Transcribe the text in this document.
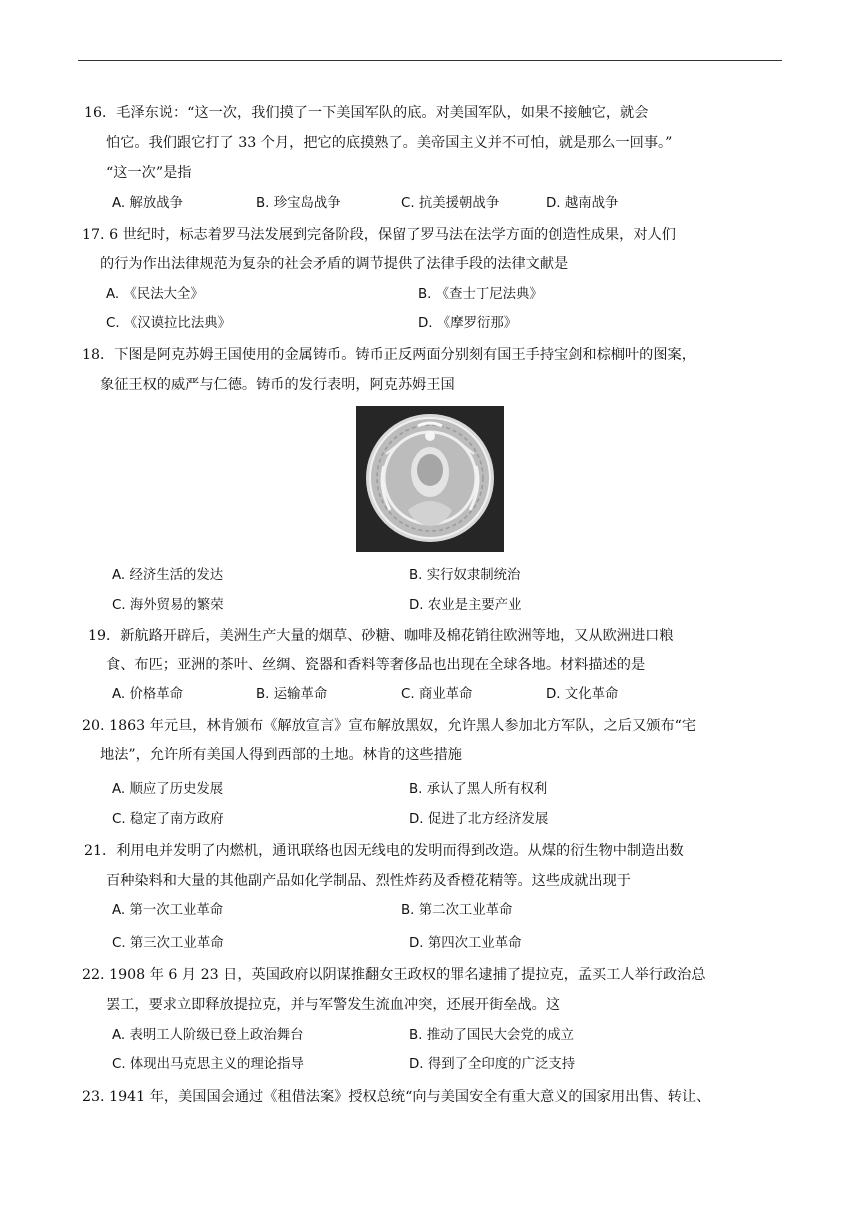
16．毛泽东说：“这一次，我们摸了一下美国军队的底。对美国军队，如果不接触它，就会
怕它。我们跟它打了 33 个月，把它的底摸熟了。美帝国主义并不可怕，就是那么一回事。”
“这一次”是指
A. 解放战争	B. 珍宝岛战争	C. 抗美援朝战争	D. 越南战争
17. 6 世纪时，标志着罗马法发展到完备阶段，保留了罗马法在法学方面的创造性成果，对人们
的行为作出法律规范为复杂的社会矛盾的调节提供了法律手段的法律文献是
A. 《民法大全》	B. 《查士丁尼法典》
C. 《汉谟拉比法典》	D. 《摩罗衍那》
18．下图是阿克苏姆王国使用的金属铸币。铸币正反两面分别刻有国王手持宝剑和棕榈叶的图案，
象征王权的威严与仁德。铸币的发行表明，阿克苏姆王国
A. 经济生活的发达	B. 实行奴隶制统治
C. 海外贸易的繁荣	D. 农业是主要产业
19．新航路开辟后，美洲生产大量的烟草、砂糖、咖啡及棉花销往欧洲等地，又从欧洲进口粮
食、布匹；亚洲的茶叶、丝绸、瓷器和香料等奢侈品也出现在全球各地。材料描述的是
A. 价格革命	B. 运输革命	C. 商业革命	D. 文化革命
20. 1863 年元旦，林肯颁布《解放宣言》宣布解放黑奴，允许黑人参加北方军队，之后又颁布“宅
地法”，允许所有美国人得到西部的土地。林肯的这些措施
A. 顺应了历史发展	B. 承认了黑人所有权利
C. 稳定了南方政府	D. 促进了北方经济发展
21．利用电并发明了内燃机，通讯联络也因无线电的发明而得到改造。从煤的衍生物中制造出数
百种染料和大量的其他副产品如化学制品、烈性炸药及香橙花精等。这些成就出现于
A. 第一次工业革命	B. 第二次工业革命
C. 第三次工业革命	D. 第四次工业革命
22. 1908 年 6 月 23 日，英国政府以阴谋推翻女王政权的罪名逮捕了提拉克，孟买工人举行政治总
罢工，要求立即释放提拉克，并与军警发生流血冲突，还展开街垒战。这
A. 表明工人阶级已登上政治舞台	B. 推动了国民大会党的成立
C. 体现出马克思主义的理论指导	D. 得到了全印度的广泛支持
23. 1941 年，美国国会通过《租借法案》授权总统“向与美国安全有重大意义的国家用出售、转让、
